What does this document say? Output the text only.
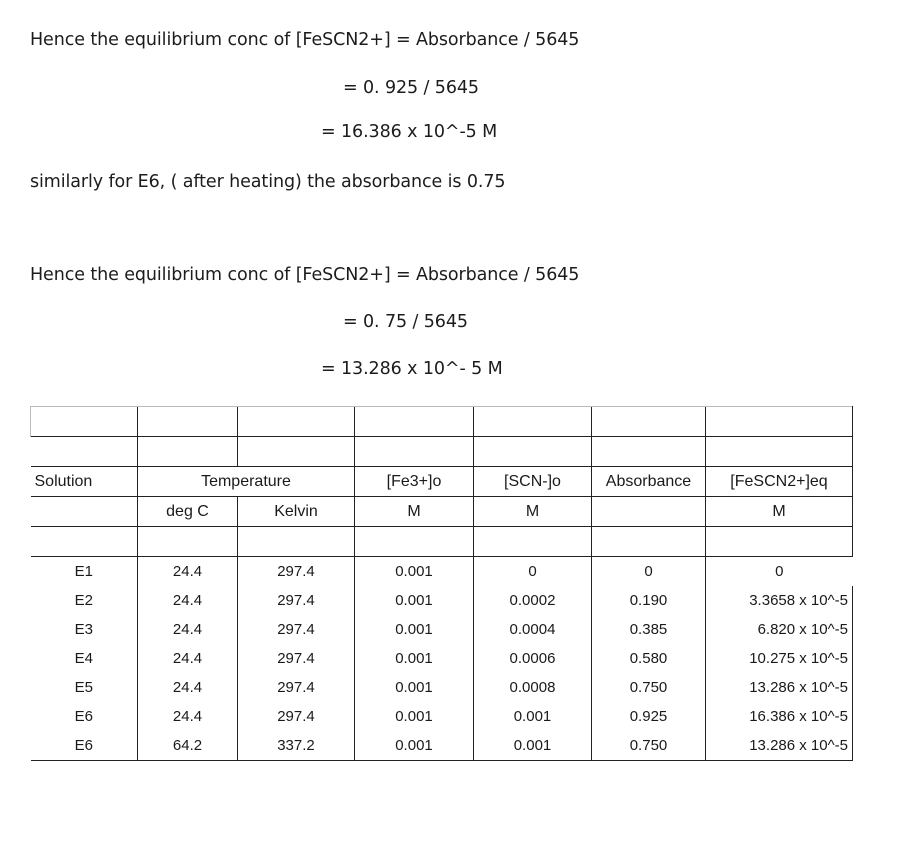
Hence the equilibrium conc of [FeSCN2+] = Absorbance / 5645
= 0. 925 / 5645
= 16.386 x 10^-5 M
similarly for E6, ( after heating) the absorbance is 0.75
Hence the equilibrium conc of [FeSCN2+] = Absorbance / 5645
= 0. 75 / 5645
= 13.286 x 10^- 5 M

Solution	Temperature		[Fe3+]o	[SCN-]o	Absorbance	[FeSCN2+]eq
	deg C	Kelvin	M	M		M

E1	24.4	297.4	0.001	0	0	0
E2	24.4	297.4	0.001	0.0002	0.190	3.3658 x 10^-5
E3	24.4	297.4	0.001	0.0004	0.385	6.820 x 10^-5
E4	24.4	297.4	0.001	0.0006	0.580	10.275 x 10^-5
E5	24.4	297.4	0.001	0.0008	0.750	13.286 x 10^-5
E6	24.4	297.4	0.001	0.001	0.925	16.386 x 10^-5
E6	64.2	337.2	0.001	0.001	0.750	13.286 x 10^-5
